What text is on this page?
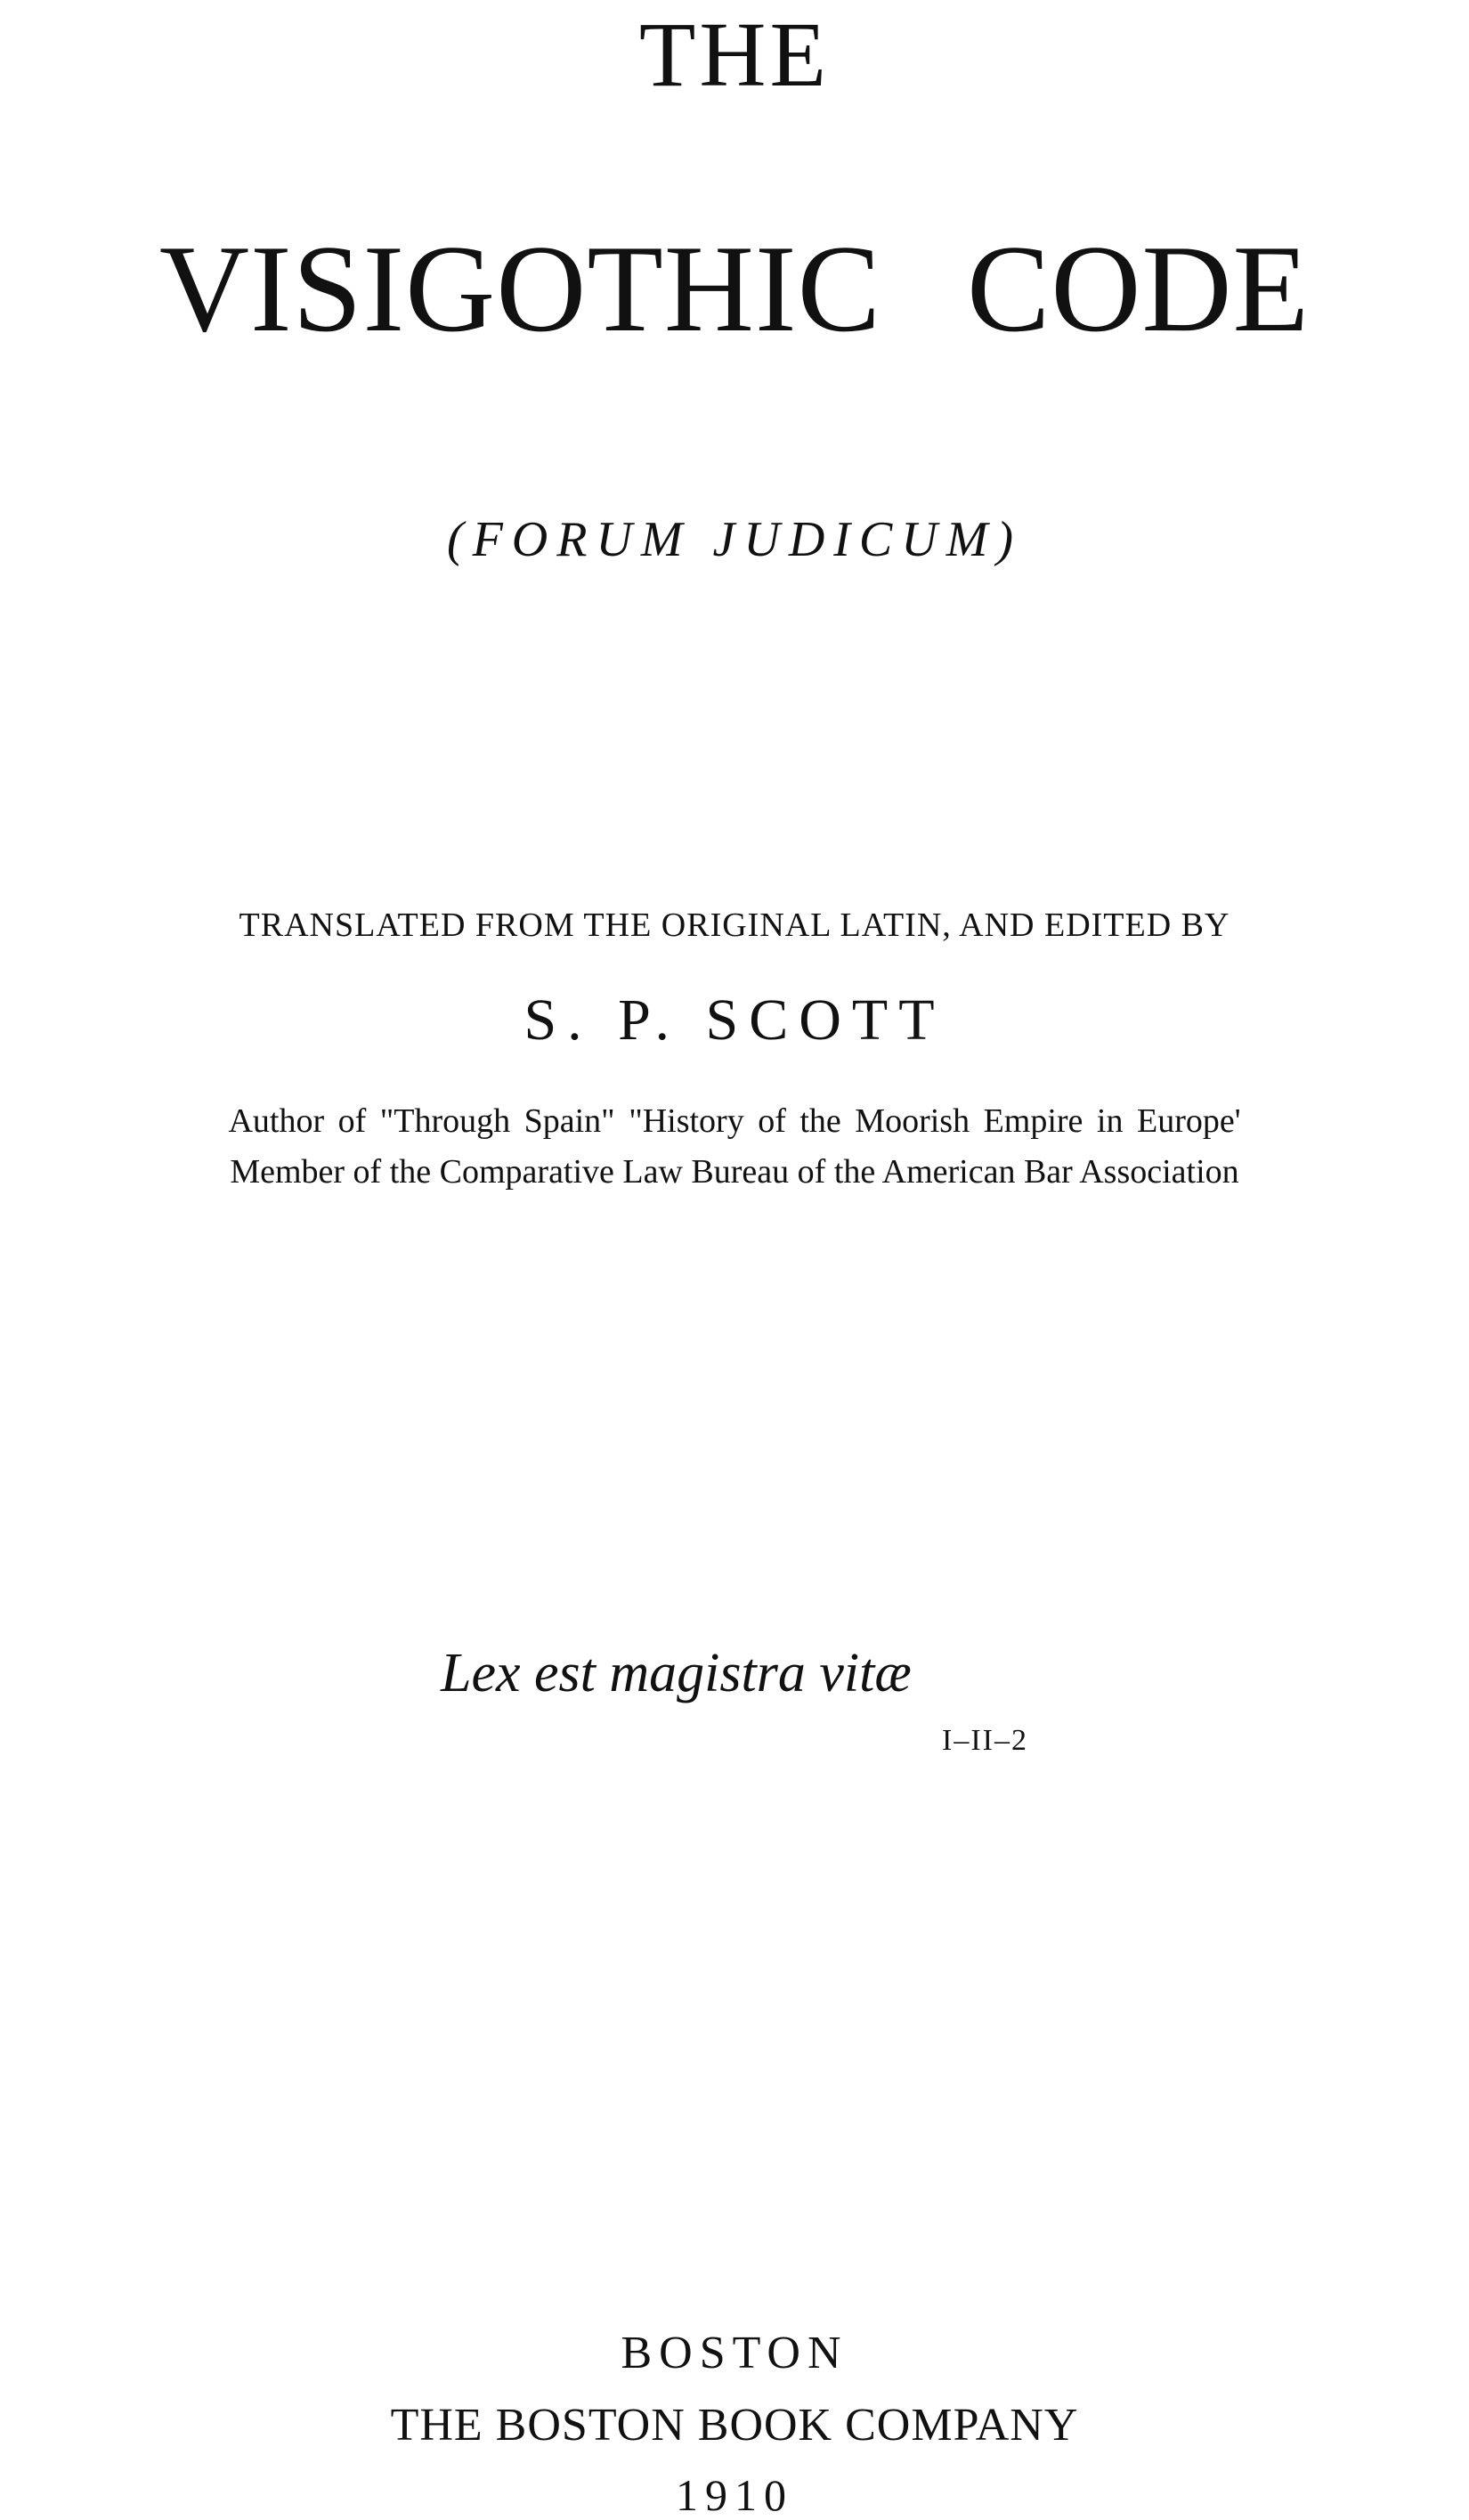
THE
VISIGOTHIC CODE
(FORUM JUDICUM)
TRANSLATED FROM THE ORIGINAL LATIN, AND EDITED BY
S. P. SCOTT
Author of "Through Spain" "History of the Moorish Empire in Europe'
Member of the Comparative Law Bureau of the American Bar Association
Lex est magistra vitæ
I–II–2
BOSTON
THE BOSTON BOOK COMPANY
1910
